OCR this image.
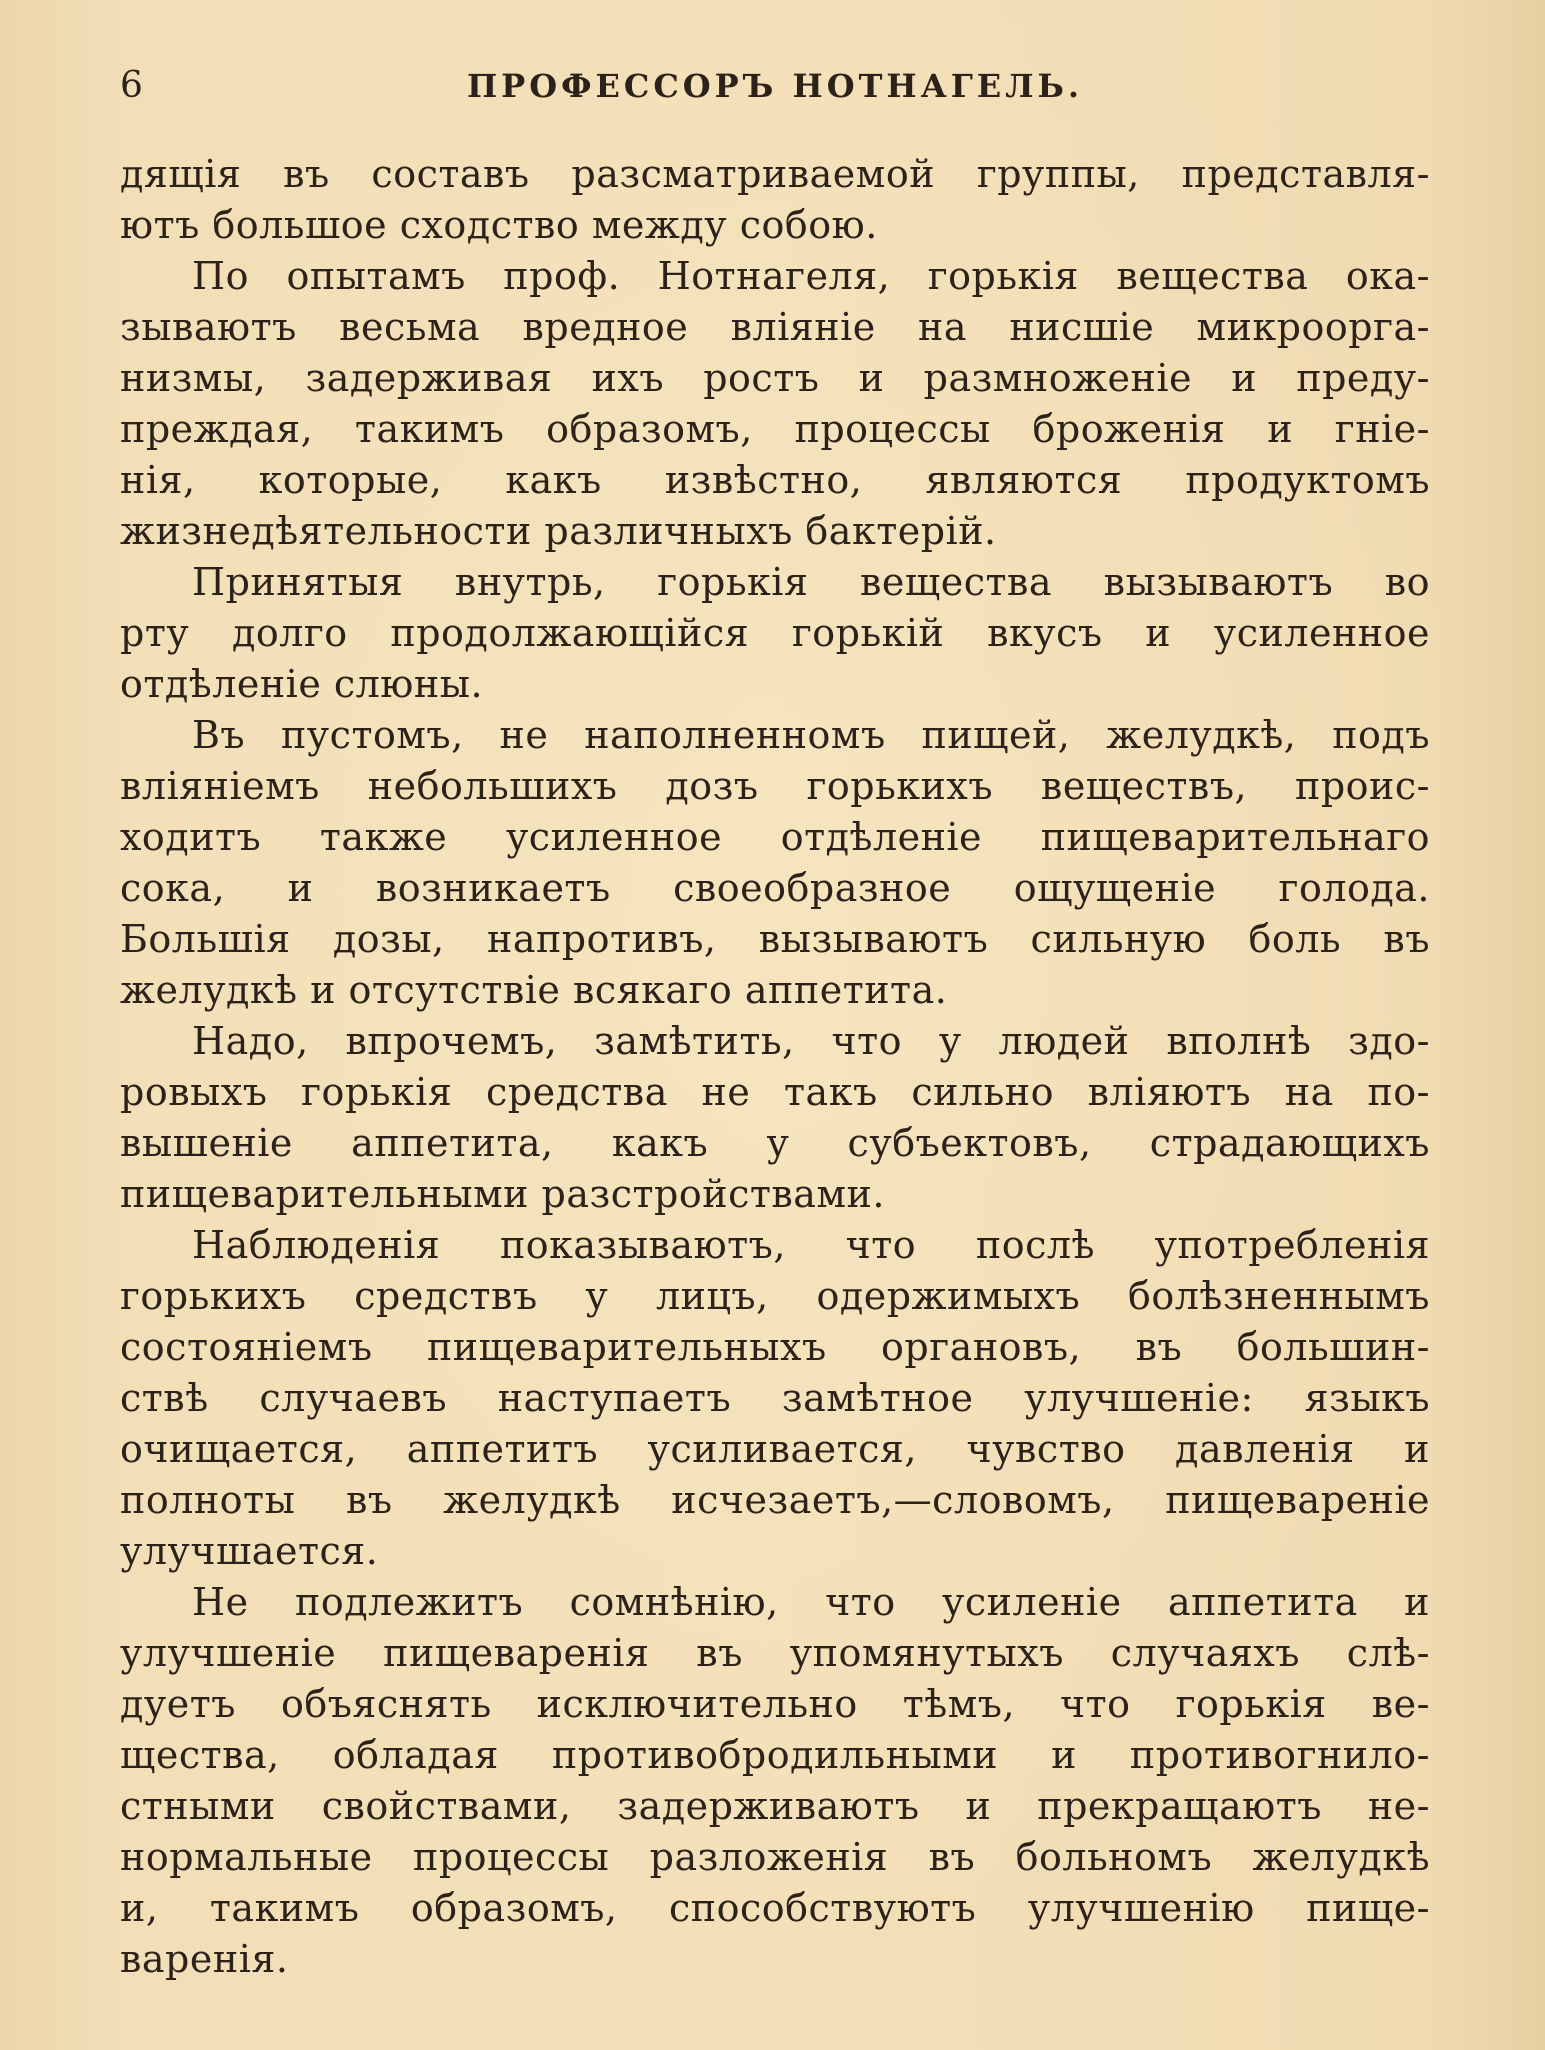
6	ПРОФЕССОРЪ НОТНАГЕЛЬ.
дящія въ составъ разсматриваемой группы, представля-
ютъ большое сходство между собою.
По опытамъ проф. Нотнагеля, горькія вещества ока-
зываютъ весьма вредное вліяніе на нисшіе микроорга-
низмы, задерживая ихъ ростъ и размноженіе и преду-
преждая, такимъ образомъ, процессы броженія и гніе-
нія, которые, какъ извѣстно, являются продуктомъ
жизнедѣятельности различныхъ бактерій.
Принятыя внутрь, горькія вещества вызываютъ во
рту долго продолжающійся горькій вкусъ и усиленное
отдѣленіе слюны.
Въ пустомъ, не наполненномъ пищей, желудкѣ, подъ
вліяніемъ небольшихъ дозъ горькихъ веществъ, проис-
ходитъ также усиленное отдѣленіе пищеварительнаго
сока, и возникаетъ своеобразное ощущеніе голода.
Большія дозы, напротивъ, вызываютъ сильную боль въ
желудкѣ и отсутствіе всякаго аппетита.
Надо, впрочемъ, замѣтить, что у людей вполнѣ здо-
ровыхъ горькія средства не такъ сильно вліяютъ на по-
вышеніе аппетита, какъ у субъектовъ, страдающихъ
пищеварительными разстройствами.
Наблюденія показываютъ, что послѣ употребленія
горькихъ средствъ у лицъ, одержимыхъ болѣзненнымъ
состояніемъ пищеварительныхъ органовъ, въ большин-
ствѣ случаевъ наступаетъ замѣтное улучшеніе: языкъ
очищается, аппетитъ усиливается, чувство давленія и
полноты въ желудкѣ исчезаетъ,—словомъ, пищевареніе
улучшается.
Не подлежитъ сомнѣнію, что усиленіе аппетита и
улучшеніе пищеваренія въ упомянутыхъ случаяхъ слѣ-
дуетъ объяснять исключительно тѣмъ, что горькія ве-
щества, обладая противобродильными и противогнило-
стными свойствами, задерживаютъ и прекращаютъ не-
нормальные процессы разложенія въ больномъ желудкѣ
и, такимъ образомъ, способствуютъ улучшенію пище-
варенія.
